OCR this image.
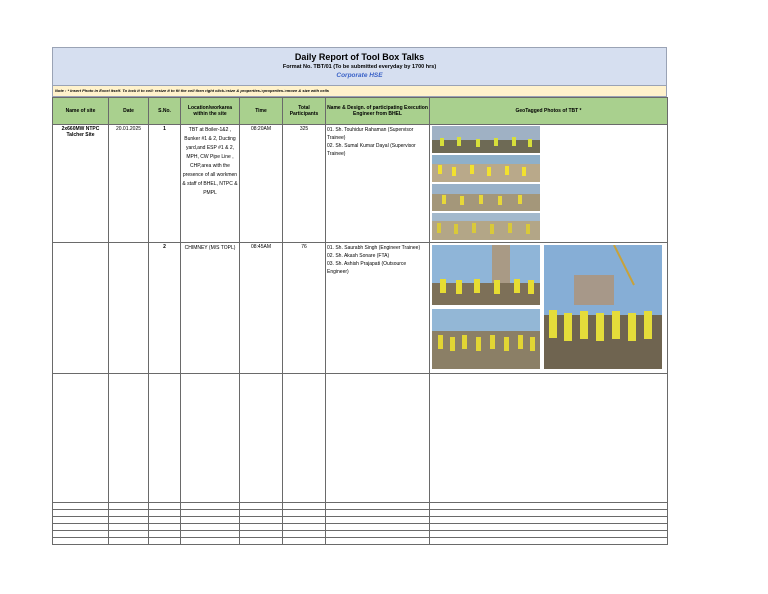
Daily Report of Tool Box Talks
Format No. TBT/01 (To be submitted everyday by 1700 hrs)
Corporate HSE
Note : * Insert Photo in Excel itself. To lock it to cell: resize it to fit the cell then right click->size & properties->properties->move & size with cells
Name of site	Date	S.No.	Location/workarea within the site	Time	Total Participants	Name & Design. of participating Execution Engineer from BHEL	GeoTagged Photos of TBT *
2x660MW NTPC Talcher Site	20.01.2025	1	TBT at Boiler-1&2 , Bunker #1 & 2, Ducting yard,and ESP #1 & 2, MPH, CW Pipe Line , CHP,area with the presence of all workmen & staff of BHEL, NTPC & PMPL	08:20AM	325	01. Sh. Touhidur Rahaman (Supervisor Trainee)
02. Sh. Sumal Kumar Dayal (Supervisor Trainee)

		2	CHIMNEY (M/S TOPL)	08:45AM	76	01. Sh. Saurabh Singh (Engineer Trainee)
02. Sh. Akash Sonare (FTA)
03. Sh. Ashish Prajapati (Outsource Engineer)
